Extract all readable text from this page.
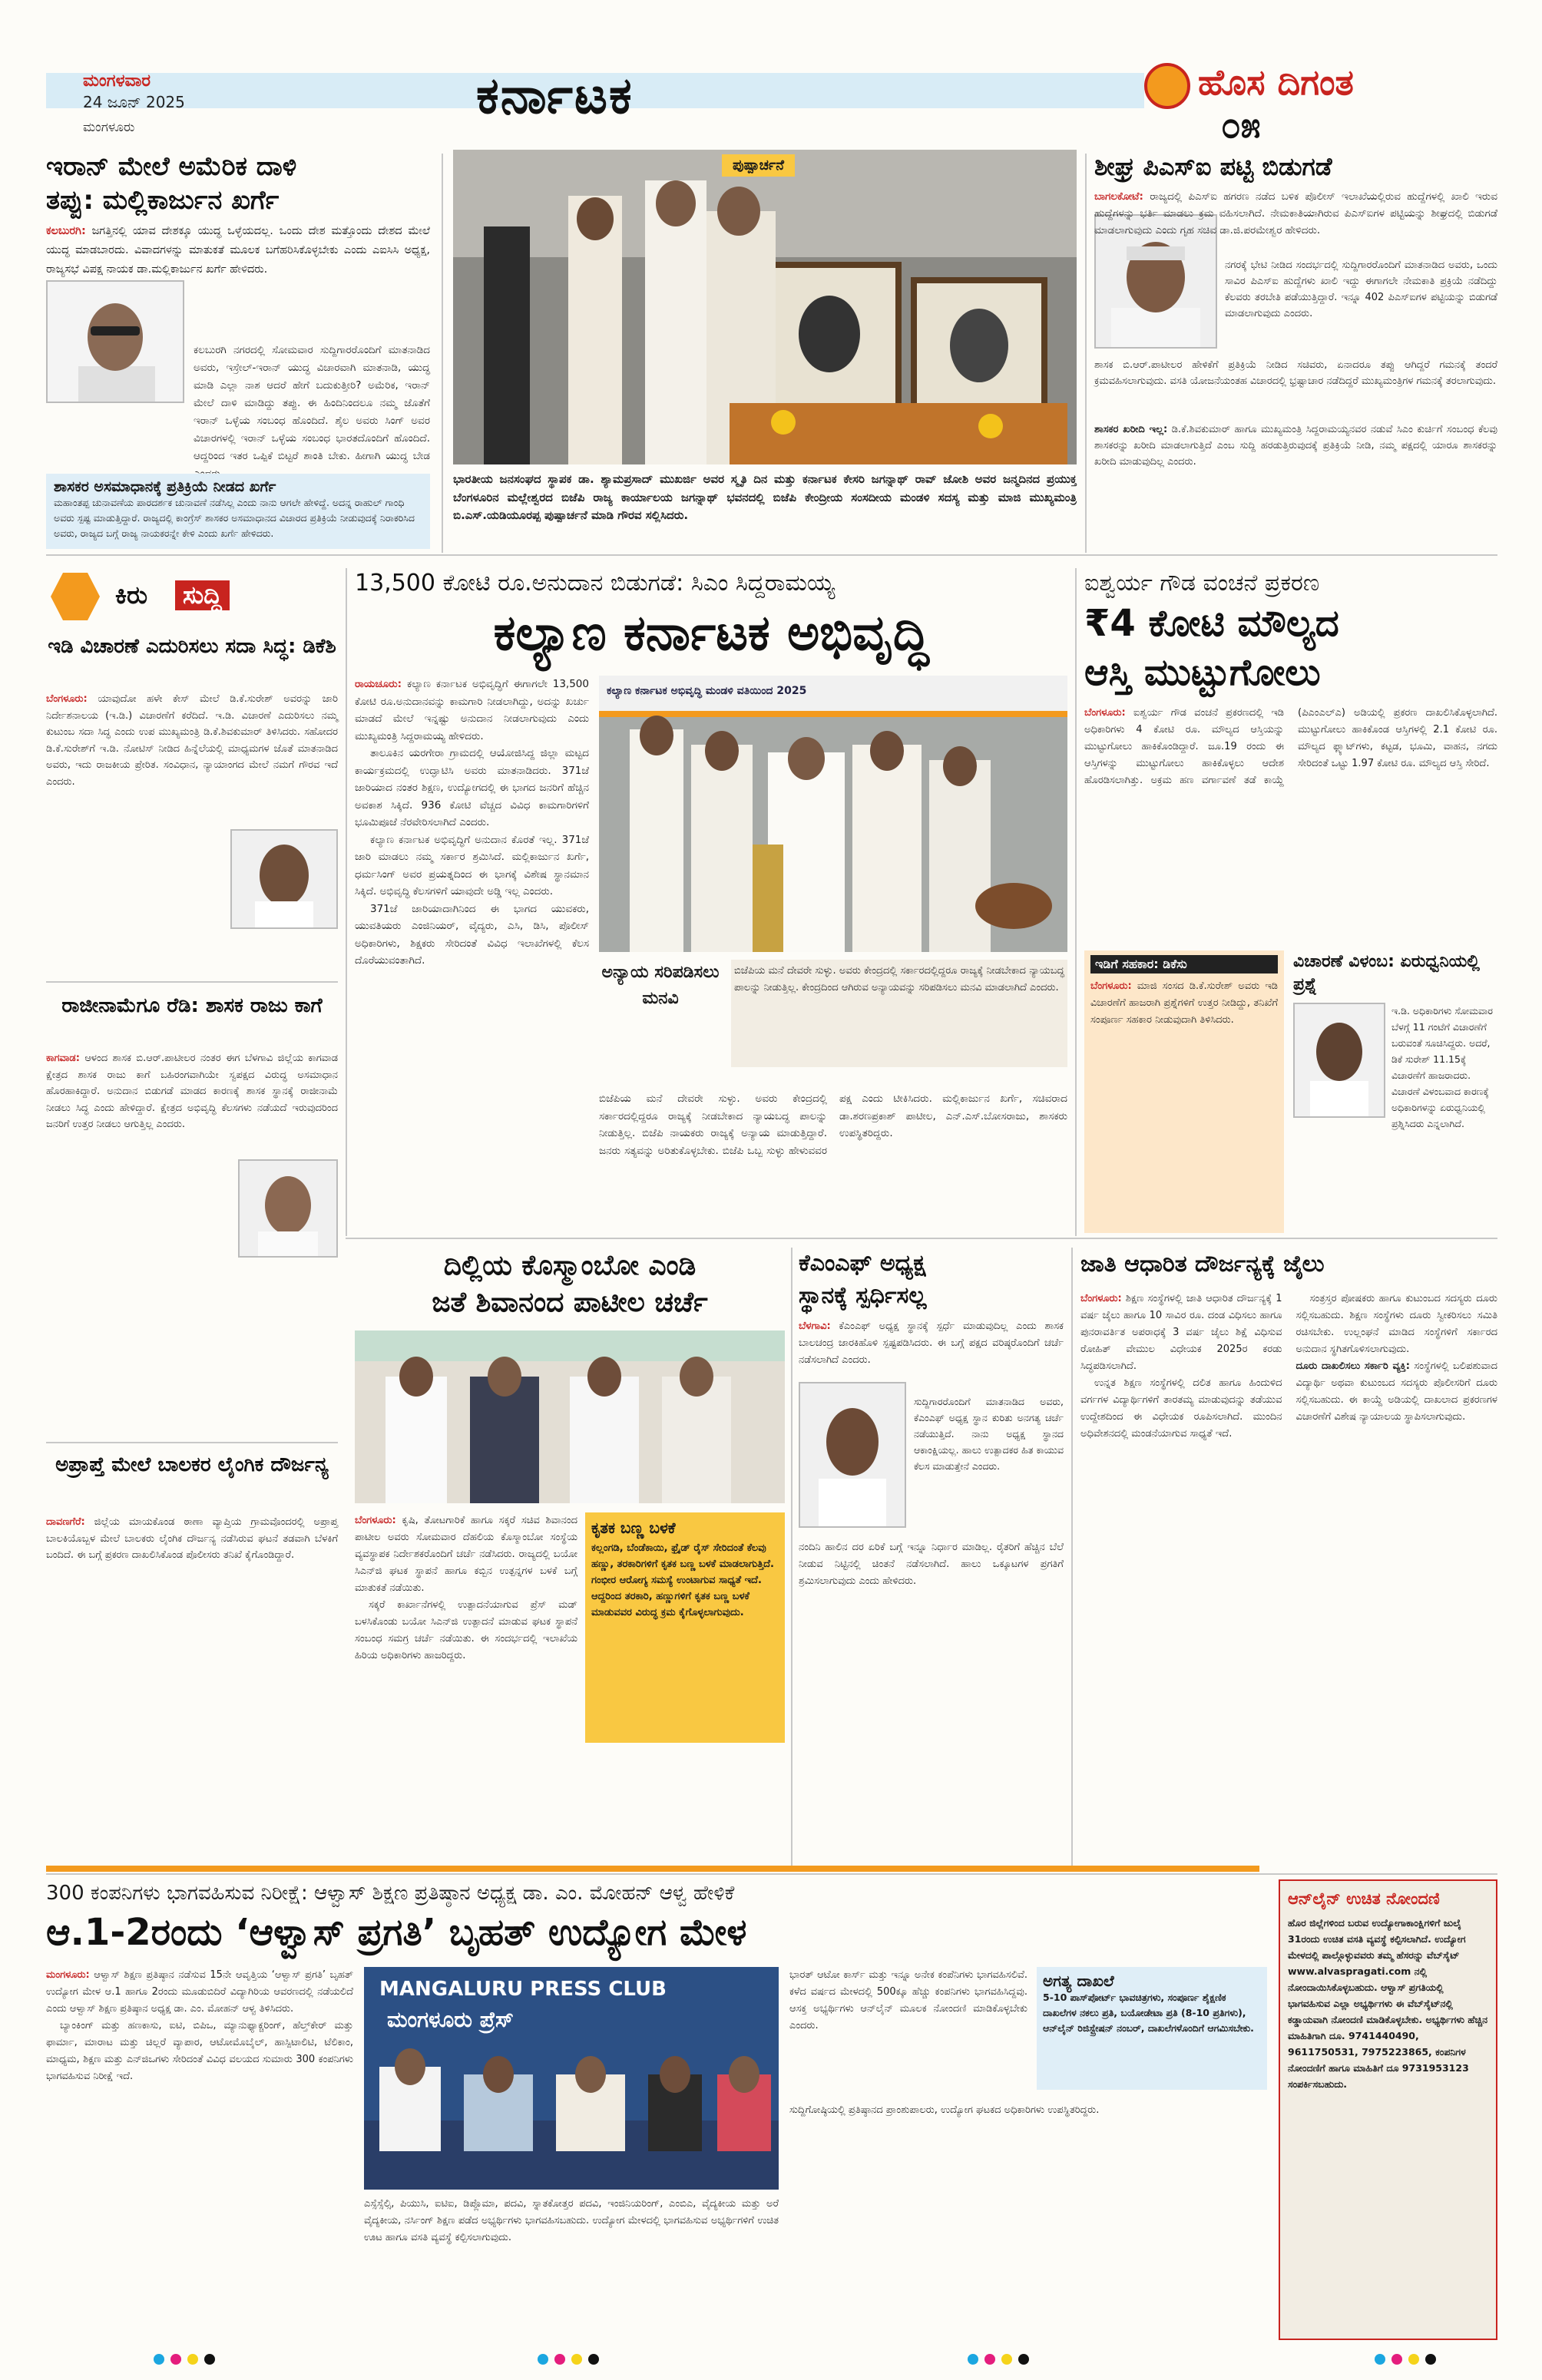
ಮಂಗಳವಾರ
24 ಜೂನ್ 2025
ಮಂಗಳೂರು
ಕರ್ನಾಟಕ	ಹೊಸ ದಿಗಂತ
೦೫
ಇರಾನ್ ಮೇಲೆ ಅಮೆರಿಕ ದಾಳಿ
ತಪ್ಪು: ಮಲ್ಲಿಕಾರ್ಜುನ ಖರ್ಗೆ
ಕಲಬುರಗಿ: ಜಗತ್ತಿನಲ್ಲಿ ಯಾವ ದೇಶಕ್ಕೂ ಯುದ್ಧ ಒಳ್ಳೆಯದಲ್ಲ. ಒಂದು ದೇಶ ಮತ್ತೊಂದು ದೇಶದ ಮೇಲೆ ಯುದ್ಧ ಮಾಡಬಾರದು. ವಿವಾದಗಳನ್ನು ಮಾತುಕತೆ ಮೂಲಕ ಬಗೆಹರಿಸಿಕೊಳ್ಳಬೇಕು ಎಂದು ಎಐಸಿಸಿ ಅಧ್ಯಕ್ಷ, ರಾಜ್ಯಸಭೆ ವಿಪಕ್ಷ ನಾಯಕ ಡಾ.ಮಲ್ಲಿಕಾರ್ಜುನ ಖರ್ಗೆ ಹೇಳಿದರು.
ಕಲಬುರಗಿ ನಗರದಲ್ಲಿ ಸೋಮವಾರ ಸುದ್ದಿಗಾರರೊಂದಿಗೆ ಮಾತನಾಡಿದ ಅವರು, ಇಸ್ರೇಲ್-ಇರಾನ್ ಯುದ್ಧ ವಿಚಾರವಾಗಿ ಮಾತನಾಡಿ, ಯುದ್ಧ ಮಾಡಿ ಎಲ್ಲಾ ನಾಶ ಆದರೆ ಹೇಗೆ ಬದುಕುತ್ತೀರಿ? ಅಮೆರಿಕ, ಇರಾನ್ ಮೇಲೆ ದಾಳಿ ಮಾಡಿದ್ದು ತಪ್ಪು. ಈ ಹಿಂದಿನಿಂದಲೂ ನಮ್ಮ ಜೊತೆಗೆ ಇರಾನ್ ಒಳ್ಳೆಯ ಸಂಬಂಧ ಹೊಂದಿದೆ. ಶೈಲ ಅವರು ಸಿಂಗ್ ಅವರ ವಿಚಾರಗಳಲ್ಲಿ ಇರಾನ್ ಒಳ್ಳೆಯ ಸಂಬಂಧ ಭಾರತದೊಂದಿಗೆ ಹೊಂದಿದೆ. ಆದ್ದರಿಂದ ಇತರ ಒಪ್ಪಿಕೆ ಬಿಟ್ಟರೆ ಶಾಂತಿ ಬೇಕು. ಹೀಗಾಗಿ ಯುದ್ಧ ಬೇಡ
ಶಾಸಕರ ಅಸಮಾಧಾನಕ್ಕೆ ಪ್ರತಿಕ್ರಿಯೆ ನೀಡದ ಖರ್ಗೆ
ಮಹಾಂತಪ್ಪ ಚುನಾವಣೆಯ ಪಾರದರ್ಶಕ ಚುನಾವಣೆ ನಡೆಸಿಲ್ಲ ಎಂದು ನಾನು ಆಗಲೇ ಹೇಳಿದ್ದೆ. ಅದನ್ನ ರಾಹುಲ್ ಗಾಂಧಿ ಅವರು ಸ್ಪಷ್ಟ ಮಾಡುತ್ತಿದ್ದಾರೆ. ರಾಜ್ಯದಲ್ಲಿ ಕಾಂಗ್ರೆಸ್ ಶಾಸಕರ ಅಸಮಾಧಾನದ ವಿಚಾರದ ಪ್ರತಿಕ್ರಿಯೆ ನೀಡುವುದಕ್ಕೆ ನಿರಾಕರಿಸಿದ ಅವರು, ರಾಜ್ಯದ ಬಗ್ಗೆ ರಾಜ್ಯ ನಾಯಕರನ್ನೇ ಕೇಳಿ ಎಂದು ಖರ್ಗೆ ಹೇಳಿದರು.
ಪುಷ್ಪಾರ್ಚನೆ
ಭಾರತೀಯ ಜನಸಂಘದ ಸ್ಥಾಪಕ ಡಾ. ಶ್ಯಾಮಪ್ರಸಾದ್ ಮುಖರ್ಜಿ ಅವರ ಸ್ಮೃತಿ ದಿನ ಮತ್ತು ಕರ್ನಾಟಕ ಕೇಸರಿ ಜಗನ್ನಾಥ್ ರಾವ್ ಜೋಶಿ ಅವರ ಜನ್ಮದಿನದ ಪ್ರಯುಕ್ತ ಬೆಂಗಳೂರಿನ ಮಲ್ಲೇಶ್ವರದ ಬಿಜೆಪಿ ರಾಜ್ಯ ಕಾರ್ಯಾಲಯ ಜಗನ್ನಾಥ್ ಭವನದಲ್ಲಿ ಬಿಜೆಪಿ ಕೇಂದ್ರೀಯ ಸಂಸದೀಯ ಮಂಡಳಿ ಸದಸ್ಯ ಮತ್ತು ಮಾಜಿ ಮುಖ್ಯಮಂತ್ರಿ ಬಿ.ಎಸ್.ಯಡಿಯೂರಪ್ಪ ಪುಷ್ಪಾರ್ಚನೆ ಮಾಡಿ ಗೌರವ ಸಲ್ಲಿಸಿದರು.
ಶೀಘ್ರ ಪಿಎಸ್‌ಐ ಪಟ್ಟಿ ಬಿಡುಗಡೆ
ಬಾಗಲಕೋಟೆ: ರಾಜ್ಯದಲ್ಲಿ ಪಿಎಸ್‌ಐ ಹಗರಣ ನಡೆದ ಬಳಿಕ ಪೊಲೀಸ್ ಇಲಾಖೆಯಲ್ಲಿರುವ ಹುದ್ದೆಗಳಲ್ಲಿ ಖಾಲಿ ಇರುವ ಹುದ್ದೆಗಳನ್ನು ಭರ್ತಿ ಮಾಡಲು ಕ್ರಮ ವಹಿಸಲಾಗಿದೆ. ನೇಮಕಾತಿಯಾಗಿರುವ ಪಿಎಸ್‌ಐಗಳ ಪಟ್ಟಿಯನ್ನು ಶೀಘ್ರದಲ್ಲಿ ಬಿಡುಗಡೆ ಮಾಡಲಾಗುವುದು ಎಂದು ಗೃಹ ಸಚಿವ ಡಾ.ಜಿ.ಪರಮೇಶ್ವರ ಹೇಳಿದರು.
ನಗರಕ್ಕೆ ಭೇಟಿ ನೀಡಿದ ಸಂದರ್ಭದಲ್ಲಿ ಸುದ್ದಿಗಾರರೊಂದಿಗೆ ಮಾತನಾಡಿದ ಅವರು, ಒಂದು ಸಾವಿರ ಪಿಎಸ್‌ಐ ಹುದ್ದೆಗಳು ಖಾಲಿ ಇದ್ದು ಈಗಾಗಲೇ ನೇಮಕಾತಿ ಪ್ರಕ್ರಿಯೆ ನಡೆದಿದ್ದು ಕೆಲವರು ತರಬೇತಿ ಪಡೆಯುತ್ತಿದ್ದಾರೆ. ಇನ್ನೂ 402 ಪಿಎಸ್‌ಐಗಳ ಪಟ್ಟಿಯನ್ನು ಬಿಡುಗಡೆ ಮಾಡಲಾಗುವುದು ಎಂದರು.
ಶಾಸಕ ಬಿ.ಆರ್.ಪಾಟೀಲರ ಹೇಳಿಕೆಗೆ ಪ್ರತಿಕ್ರಿಯೆ ನೀಡಿದ ಸಚಿವರು, ಏನಾದರೂ ತಪ್ಪು ಆಗಿದ್ದರೆ ಗಮನಕ್ಕೆ ತಂದರೆ ಕ್ರಮವಹಿಸಲಾಗುವುದು. ವಸತಿ ಯೋಜನೆಯಂತಹ ವಿಚಾರದಲ್ಲಿ ಭ್ರಷ್ಟಾಚಾರ ನಡೆದಿದ್ದರೆ ಮುಖ್ಯಮಂತ್ರಿಗಳ ಗಮನಕ್ಕೆ ತರಲಾಗುವುದು.
ಶಾಸಕರ ಖರೀದಿ ಇಲ್ಲ: ಡಿ.ಕೆ.ಶಿವಕುಮಾರ್ ಹಾಗೂ ಮುಖ್ಯಮಂತ್ರಿ ಸಿದ್ದರಾಮಯ್ಯನವರ ನಡುವೆ ಸಿಎಂ ಕುರ್ಚಿಗೆ ಸಂಬಂಧ ಕೆಲವು ಶಾಸಕರನ್ನು ಖರೀದಿ ಮಾಡಲಾಗುತ್ತಿದೆ ಎಂಬ ಸುದ್ದಿ ಹರಡುತ್ತಿರುವುದಕ್ಕೆ ಪ್ರತಿಕ್ರಿಯೆ ನೀಡಿ, ನಮ್ಮ ಪಕ್ಷದಲ್ಲಿ ಯಾರೂ ಶಾಸಕರನ್ನು ಖರೀದಿ ಮಾಡುವುದಿಲ್ಲ ಎಂದರು.
ಕಿರು	ಸುದ್ದಿ
ಇಡಿ ವಿಚಾರಣೆ ಎದುರಿಸಲು ಸದಾ ಸಿದ್ಧ: ಡಿಕೆಶಿ
ಬೆಂಗಳೂರು: ಯಾವುದೋ ಹಳೇ ಕೇಸ್ ಮೇಲೆ ಡಿ.ಕೆ.ಸುರೇಶ್ ಅವರನ್ನು ಜಾರಿ ನಿರ್ದೇಶನಾಲಯ (ಇ.ಡಿ.) ವಿಚಾರಣೆಗೆ ಕರೆದಿದೆ. ಇ.ಡಿ. ವಿಚಾರಣೆ ಎದುರಿಸಲು ನಮ್ಮ ಕುಟುಂಬ ಸದಾ ಸಿದ್ಧ ಎಂದು ಉಪ ಮುಖ್ಯಮಂತ್ರಿ ಡಿ.ಕೆ.ಶಿವಕುಮಾರ್ ತಿಳಿಸಿದರು. ಸಹೋದರ ಡಿ.ಕೆ.ಸುರೇಶ್‌ಗೆ ಇ.ಡಿ. ನೋಟಿಸ್ ನೀಡಿದ ಹಿನ್ನೆಲೆಯಲ್ಲಿ ಮಾಧ್ಯಮಗಳ ಜೊತೆ ಮಾತನಾಡಿದ ಅವರು, ಇದು ರಾಜಕೀಯ ಪ್ರೇರಿತ. ಸಂವಿಧಾನ, ನ್ಯಾಯಾಂಗದ ಮೇಲೆ ನಮಗೆ ಗೌರವ ಇದೆ ಎಂದರು.
ರಾಜೀನಾಮೆಗೂ ರೆಡಿ: ಶಾಸಕ ರಾಜು ಕಾಗೆ
ಕಾಗವಾಡ: ಆಳಂದ ಶಾಸಕ ಬಿ.ಆರ್.ಪಾಟೀಲರ ನಂತರ ಈಗ ಬೆಳಗಾವಿ ಜಿಲ್ಲೆಯ ಕಾಗವಾಡ ಕ್ಷೇತ್ರದ ಶಾಸಕ ರಾಜು ಕಾಗೆ ಬಹಿರಂಗವಾಗಿಯೇ ಸ್ವಪಕ್ಷದ ವಿರುದ್ಧ ಅಸಮಾಧಾನ ಹೊರಹಾಕಿದ್ದಾರೆ. ಅನುದಾನ ಬಿಡುಗಡೆ ಮಾಡದ ಕಾರಣಕ್ಕೆ ಶಾಸಕ ಸ್ಥಾನಕ್ಕೆ ರಾಜೀನಾಮೆ ನೀಡಲು ಸಿದ್ಧ ಎಂದು ಹೇಳಿದ್ದಾರೆ. ಕ್ಷೇತ್ರದ ಅಭಿವೃದ್ಧಿ ಕೆಲಸಗಳು ನಡೆಯದೆ ಇರುವುದರಿಂದ ಜನರಿಗೆ ಉತ್ತರ ನೀಡಲು ಆಗುತ್ತಿಲ್ಲ ಎಂದರು.
ಅಪ್ರಾಪ್ತೆ ಮೇಲೆ ಬಾಲಕರ ಲೈಂಗಿಕ ದೌರ್ಜನ್ಯ
ದಾವಣಗೆರೆ: ಜಿಲ್ಲೆಯ ಮಾಯಕೊಂಡ ಠಾಣಾ ವ್ಯಾಪ್ತಿಯ ಗ್ರಾಮವೊಂದರಲ್ಲಿ ಅಪ್ರಾಪ್ತ ಬಾಲಕಿಯೊಬ್ಬಳ ಮೇಲೆ ಬಾಲಕರು ಲೈಂಗಿಕ ದೌರ್ಜನ್ಯ ನಡೆಸಿರುವ ಘಟನೆ ತಡವಾಗಿ ಬೆಳಕಿಗೆ ಬಂದಿದೆ. ಈ ಬಗ್ಗೆ ಪ್ರಕರಣ ದಾಖಲಿಸಿಕೊಂಡ ಪೊಲೀಸರು ತನಿಖೆ ಕೈಗೊಂಡಿದ್ದಾರೆ.
13,500 ಕೋಟಿ ರೂ.ಅನುದಾನ ಬಿಡುಗಡೆ: ಸಿಎಂ ಸಿದ್ದರಾಮಯ್ಯ
ಕಲ್ಯಾಣ ಕರ್ನಾಟಕ ಅಭಿವೃದ್ಧಿ
ರಾಯಚೂರು: ಕಲ್ಯಾಣ ಕರ್ನಾಟಕ ಅಭಿವೃದ್ಧಿಗೆ ಈಗಾಗಲೇ 13,500 ಕೋಟಿ ರೂ.ಅನುದಾನವನ್ನು ಕಾಮಗಾರಿ ನೀಡಲಾಗಿದ್ದು, ಅದನ್ನು ಖರ್ಚು ಮಾಡದೆ ಮೇಲೆ ಇನ್ನಷ್ಟು ಅನುದಾನ ನೀಡಲಾಗುವುದು ಎಂದು ಮುಖ್ಯಮಂತ್ರಿ ಸಿದ್ದರಾಮಯ್ಯ ಹೇಳಿದರು.

ತಾಲೂಕಿನ ಯರಗೇರಾ ಗ್ರಾಮದಲ್ಲಿ ಆಯೋಜಿಸಿದ್ದ ಜಿಲ್ಲಾ ಮಟ್ಟದ ಕಾರ್ಯಕ್ರಮದಲ್ಲಿ ಉದ್ಘಾಟಿಸಿ ಅವರು ಮಾತನಾಡಿದರು. 371ಜೆ ಜಾರಿಯಾದ ನಂತರ ಶಿಕ್ಷಣ, ಉದ್ಯೋಗದಲ್ಲಿ ಈ ಭಾಗದ ಜನರಿಗೆ ಹೆಚ್ಚಿನ ಅವಕಾಶ ಸಿಕ್ಕಿದೆ. 936 ಕೋಟಿ ವೆಚ್ಚದ ವಿವಿಧ ಕಾಮಗಾರಿಗಳಿಗೆ ಭೂಮಿಪೂಜೆ ನೆರವೇರಿಸಲಾಗಿದೆ ಎಂದರು.

ಕಲ್ಯಾಣ ಕರ್ನಾಟಕ ಅಭಿವೃದ್ಧಿಗೆ ಅನುದಾನ ಕೊರತೆ ಇಲ್ಲ. 371ಜೆ ಜಾರಿ ಮಾಡಲು ನಮ್ಮ ಸರ್ಕಾರ ಶ್ರಮಿಸಿದೆ. ಮಲ್ಲಿಕಾರ್ಜುನ ಖರ್ಗೆ, ಧರ್ಮಸಿಂಗ್ ಅವರ ಪ್ರಯತ್ನದಿಂದ ಈ ಭಾಗಕ್ಕೆ ವಿಶೇಷ ಸ್ಥಾನಮಾನ ಸಿಕ್ಕಿದೆ. ಅಭಿವೃದ್ಧಿ ಕೆಲಸಗಳಿಗೆ ಯಾವುದೇ ಅಡ್ಡಿ ಇಲ್ಲ ಎಂದರು.

371ಜೆ ಜಾರಿಯಾದಾಗಿನಿಂದ ಈ ಭಾಗದ ಯುವಕರು, ಯುವತಿಯರು ಎಂಜಿನಿಯರ್, ವೈದ್ಯರು, ಎಸಿ, ಡಿಸಿ, ಪೊಲೀಸ್ ಅಧಿಕಾರಿಗಳು, ಶಿಕ್ಷಕರು ಸೇರಿದಂತೆ ವಿವಿಧ ಇಲಾಖೆಗಳಲ್ಲಿ ಕೆಲಸ ದೊರೆಯುವಂತಾಗಿದೆ.

ಕಲ್ಯಾಣ ಕರ್ನಾಟಕ ಅಭಿವೃದ್ಧಿ ಮಂಡಳಿ ವತಿಯಿಂದ 2025
ಅನ್ಯಾಯ ಸರಿಪಡಿಸಲು ಮನವಿ
ಬಿಜೆಪಿಯ ಮನೆ ದೇವರೇ ಸುಳ್ಳು. ಅವರು ಕೇಂದ್ರದಲ್ಲಿ ಸರ್ಕಾರದಲ್ಲಿದ್ದರೂ ರಾಜ್ಯಕ್ಕೆ ನೀಡಬೇಕಾದ ನ್ಯಾಯಬದ್ಧ ಪಾಲನ್ನು ನೀಡುತ್ತಿಲ್ಲ. ಕೇಂದ್ರದಿಂದ ಆಗಿರುವ ಅನ್ಯಾಯವನ್ನು ಸರಿಪಡಿಸಲು ಮನವಿ ಮಾಡಲಾಗಿದೆ ಎಂದರು.
ಬಿಜೆಪಿಯ ಮನೆ ದೇವರೇ ಸುಳ್ಳು. ಅವರು ಕೇಂದ್ರದಲ್ಲಿ ಸರ್ಕಾರದಲ್ಲಿದ್ದರೂ ರಾಜ್ಯಕ್ಕೆ ನೀಡಬೇಕಾದ ನ್ಯಾಯಬದ್ಧ ಪಾಲನ್ನು ನೀಡುತ್ತಿಲ್ಲ. ಬಿಜೆಪಿ ನಾಯಕರು ರಾಜ್ಯಕ್ಕೆ ಅನ್ಯಾಯ ಮಾಡುತ್ತಿದ್ದಾರೆ. ಜನರು ಸತ್ಯವನ್ನು ಅರಿತುಕೊಳ್ಳಬೇಕು. ಬಿಜೆಪಿ ಒಬ್ಬ ಸುಳ್ಳು ಹೇಳುವವರ ಪಕ್ಷ ಎಂದು ಟೀಕಿಸಿದರು. ಮಲ್ಲಿಕಾರ್ಜುನ ಖರ್ಗೆ, ಸಚಿವರಾದ ಡಾ.ಶರಣಪ್ರಕಾಶ್ ಪಾಟೀಲ, ಎನ್.ಎಸ್.ಬೋಸರಾಜು, ಶಾಸಕರು ಉಪಸ್ಥಿತರಿದ್ದರು.
ಐಶ್ವರ್ಯ ಗೌಡ ವಂಚನೆ ಪ್ರಕರಣ
₹4 ಕೋಟಿ ಮೌಲ್ಯದ
ಆಸ್ತಿ ಮುಟ್ಟುಗೋಲು
ಬೆಂಗಳೂರು: ಐಶ್ವರ್ಯ ಗೌಡ ವಂಚನೆ ಪ್ರಕರಣದಲ್ಲಿ ಇಡಿ ಅಧಿಕಾರಿಗಳು 4 ಕೋಟಿ ರೂ. ಮೌಲ್ಯದ ಆಸ್ತಿಯನ್ನು ಮುಟ್ಟುಗೋಲು ಹಾಕಿಕೊಂಡಿದ್ದಾರೆ. ಜೂ.19 ರಂದು ಈ ಆಸ್ತಿಗಳನ್ನು ಮುಟ್ಟುಗೋಲು ಹಾಕಿಕೊಳ್ಳಲು ಆದೇಶ ಹೊರಡಿಸಲಾಗಿತ್ತು. ಅಕ್ರಮ ಹಣ ವರ್ಗಾವಣೆ ತಡೆ ಕಾಯ್ದೆ (ಪಿಎಂಎಲ್‌ಎ) ಅಡಿಯಲ್ಲಿ ಪ್ರಕರಣ ದಾಖಲಿಸಿಕೊಳ್ಳಲಾಗಿದೆ. ಮುಟ್ಟುಗೋಲು ಹಾಕಿಕೊಂಡ ಆಸ್ತಿಗಳಲ್ಲಿ 2.1 ಕೋಟಿ ರೂ. ಮೌಲ್ಯದ ಫ್ಲ್ಯಾಟ್‌ಗಳು, ಕಟ್ಟಡ, ಭೂಮಿ, ವಾಹನ, ನಗದು ಸೇರಿದಂತೆ ಒಟ್ಟು 1.97 ಕೋಟಿ ರೂ. ಮೌಲ್ಯದ ಆಸ್ತಿ ಸೇರಿದೆ.
ಇಡಿಗೆ ಸಹಕಾರ: ಡಿಕೆಸು
ಬೆಂಗಳೂರು: ಮಾಜಿ ಸಂಸದ ಡಿ.ಕೆ.ಸುರೇಶ್ ಅವರು ಇಡಿ ವಿಚಾರಣೆಗೆ ಹಾಜರಾಗಿ ಪ್ರಶ್ನೆಗಳಿಗೆ ಉತ್ತರ ನೀಡಿದ್ದು, ತನಿಖೆಗೆ ಸಂಪೂರ್ಣ ಸಹಕಾರ ನೀಡುವುದಾಗಿ ತಿಳಿಸಿದರು.
ವಿಚಾರಣೆ ವಿಳಂಬ: ಏರುಧ್ವನಿಯಲ್ಲಿ ಪ್ರಶ್ನೆ
ಇ.ಡಿ. ಅಧಿಕಾರಿಗಳು ಸೋಮವಾರ ಬೆಳಗ್ಗೆ 11 ಗಂಟೆಗೆ ವಿಚಾರಣೆಗೆ ಬರುವಂತೆ ಸೂಚಿಸಿದ್ದರು. ಅದರೆ, ಡಿಕೆ ಸುರೇಶ್ 11.15ಕ್ಕೆ ವಿಚಾರಣೆಗೆ ಹಾಜರಾದರು. ವಿಚಾರಣೆ ವಿಳಂಬವಾದ ಕಾರಣಕ್ಕೆ ಅಧಿಕಾರಿಗಳನ್ನು ಏರುಧ್ವನಿಯಲ್ಲಿ ಪ್ರಶ್ನಿಸಿದರು ಎನ್ನಲಾಗಿದೆ.
ದಿಲ್ಲಿಯ ಕೊಸ್ಮಾಂಬೋ ಎಂಡಿ
ಜತೆ ಶಿವಾನಂದ ಪಾಟೀಲ ಚರ್ಚೆ
ಬೆಂಗಳೂರು: ಕೃಷಿ, ತೋಟಗಾರಿಕೆ ಹಾಗೂ ಸಕ್ಕರೆ ಸಚಿವ ಶಿವಾನಂದ ಪಾಟೀಲ ಅವರು ಸೋಮವಾರ ದೆಹಲಿಯ ಕೊಸ್ಮಾಂಬೋ ಸಂಸ್ಥೆಯ ವ್ಯವಸ್ಥಾಪಕ ನಿರ್ದೇಶಕರೊಂದಿಗೆ ಚರ್ಚೆ ನಡೆಸಿದರು. ರಾಜ್ಯದಲ್ಲಿ ಬಯೋ ಸಿಎನ್‌ಜಿ ಘಟಕ ಸ್ಥಾಪನೆ ಹಾಗೂ ಕಬ್ಬಿನ ಉತ್ಪನ್ನಗಳ ಬಳಕೆ ಬಗ್ಗೆ ಮಾತುಕತೆ ನಡೆಯಿತು.

ಸಕ್ಕರೆ ಕಾರ್ಖಾನೆಗಳಲ್ಲಿ ಉತ್ಪಾದನೆಯಾಗುವ ಪ್ರೆಸ್ ಮಡ್ ಬಳಸಿಕೊಂಡು ಬಯೋ ಸಿಎನ್‌ಜಿ ಉತ್ಪಾದನೆ ಮಾಡುವ ಘಟಕ ಸ್ಥಾಪನೆ ಸಂಬಂಧ ಸಮಗ್ರ ಚರ್ಚೆ ನಡೆಯಿತು. ಈ ಸಂದರ್ಭದಲ್ಲಿ ಇಲಾಖೆಯ ಹಿರಿಯ ಅಧಿಕಾರಿಗಳು ಹಾಜರಿದ್ದರು.

ಕೃತಕ ಬಣ್ಣ ಬಳಕೆ
ಕಲ್ಲಂಗಡಿ, ಬೆಂಡೆಕಾಯಿ, ಫ್ರೈಡ್ ರೈಸ್ ಸೇರಿದಂತೆ ಕೆಲವು ಹಣ್ಣು, ತರಕಾರಿಗಳಿಗೆ ಕೃತಕ ಬಣ್ಣ ಬಳಕೆ ಮಾಡಲಾಗುತ್ತಿದೆ. ಗಂಭೀರ ಆರೋಗ್ಯ ಸಮಸ್ಯೆ ಉಂಟಾಗುವ ಸಾಧ್ಯತೆ ಇದೆ. ಆದ್ದರಿಂದ ತರಕಾರಿ, ಹಣ್ಣುಗಳಿಗೆ ಕೃತಕ ಬಣ್ಣ ಬಳಕೆ ಮಾಡುವವರ ವಿರುದ್ಧ ಕ್ರಮ ಕೈಗೊಳ್ಳಲಾಗುವುದು.
ಕೆಎಂಎಫ್ ಅಧ್ಯಕ್ಷ
ಸ್ಥಾನಕ್ಕೆ ಸ್ಪರ್ಧಿಸಲ್ಲ
ಬೆಳಗಾವಿ: ಕೆಎಂಎಫ್ ಅಧ್ಯಕ್ಷ ಸ್ಥಾನಕ್ಕೆ ಸ್ಪರ್ಧೆ ಮಾಡುವುದಿಲ್ಲ ಎಂದು ಶಾಸಕ ಬಾಲಚಂದ್ರ ಜಾರಕಿಹೊಳಿ ಸ್ಪಷ್ಟಪಡಿಸಿದರು. ಈ ಬಗ್ಗೆ ಪಕ್ಷದ ವರಿಷ್ಠರೊಂದಿಗೆ ಚರ್ಚೆ ನಡೆಸಲಾಗಿದೆ ಎಂದರು.
ಸುದ್ದಿಗಾರರೊಂದಿಗೆ ಮಾತನಾಡಿದ ಅವರು, ಕೆಎಂಎಫ್ ಅಧ್ಯಕ್ಷ ಸ್ಥಾನ ಕುರಿತು ಅನಗತ್ಯ ಚರ್ಚೆ ನಡೆಯುತ್ತಿದೆ. ನಾನು ಅಧ್ಯಕ್ಷ ಸ್ಥಾನದ ಆಕಾಂಕ್ಷಿಯಲ್ಲ. ಹಾಲು ಉತ್ಪಾದಕರ ಹಿತ ಕಾಯುವ ಕೆಲಸ ಮಾಡುತ್ತೇನೆ ಎಂದರು.
ನಂದಿನಿ ಹಾಲಿನ ದರ ಏರಿಕೆ ಬಗ್ಗೆ ಇನ್ನೂ ನಿರ್ಧಾರ ಮಾಡಿಲ್ಲ. ರೈತರಿಗೆ ಹೆಚ್ಚಿನ ಬೆಲೆ ನೀಡುವ ನಿಟ್ಟಿನಲ್ಲಿ ಚಿಂತನೆ ನಡೆಸಲಾಗಿದೆ. ಹಾಲು ಒಕ್ಕೂಟಗಳ ಪ್ರಗತಿಗೆ ಶ್ರಮಿಸಲಾಗುವುದು ಎಂದು ಹೇಳಿದರು.
ಜಾತಿ ಆಧಾರಿತ ದೌರ್ಜನ್ಯಕ್ಕೆ ಜೈಲು
ಬೆಂಗಳೂರು: ಶಿಕ್ಷಣ ಸಂಸ್ಥೆಗಳಲ್ಲಿ ಜಾತಿ ಆಧಾರಿತ ದೌರ್ಜನ್ಯಕ್ಕೆ 1 ವರ್ಷ ಜೈಲು ಹಾಗೂ 10 ಸಾವಿರ ರೂ. ದಂಡ ವಿಧಿಸಲು ಹಾಗೂ ಪುನರಾವರ್ತಿತ ಅಪರಾಧಕ್ಕೆ 3 ವರ್ಷ ಜೈಲು ಶಿಕ್ಷೆ ವಿಧಿಸುವ ರೋಹಿತ್ ವೇಮುಲ ವಿಧೇಯಕ 2025ರ ಕರಡು ಸಿದ್ಧಪಡಿಸಲಾಗಿದೆ.

ಉನ್ನತ ಶಿಕ್ಷಣ ಸಂಸ್ಥೆಗಳಲ್ಲಿ ದಲಿತ ಹಾಗೂ ಹಿಂದುಳಿದ ವರ್ಗಗಳ ವಿದ್ಯಾರ್ಥಿಗಳಿಗೆ ತಾರತಮ್ಯ ಮಾಡುವುದನ್ನು ತಡೆಯುವ ಉದ್ದೇಶದಿಂದ ಈ ವಿಧೇಯಕ ರೂಪಿಸಲಾಗಿದೆ. ಮುಂದಿನ ಅಧಿವೇಶನದಲ್ಲಿ ಮಂಡನೆಯಾಗುವ ಸಾಧ್ಯತೆ ಇದೆ.

ಸಂತ್ರಸ್ತರ ಪೋಷಕರು ಹಾಗೂ ಕುಟುಂಬದ ಸದಸ್ಯರು ದೂರು ಸಲ್ಲಿಸಬಹುದು. ಶಿಕ್ಷಣ ಸಂಸ್ಥೆಗಳು ದೂರು ಸ್ವೀಕರಿಸಲು ಸಮಿತಿ ರಚಿಸಬೇಕು. ಉಲ್ಲಂಘನೆ ಮಾಡಿದ ಸಂಸ್ಥೆಗಳಿಗೆ ಸರ್ಕಾರದ ಅನುದಾನ ಸ್ಥಗಿತಗೊಳಿಸಲಾಗುವುದು.

ದೂರು ದಾಖಲಿಸಲು ಸರ್ಕಾರಿ ವ್ಯಕ್ತಿ: ಸಂಸ್ಥೆಗಳಲ್ಲಿ ಬಲಿಪಶುವಾದ ವಿದ್ಯಾರ್ಥಿ ಅಥವಾ ಕುಟುಂಬದ ಸದಸ್ಯರು ಪೊಲೀಸರಿಗೆ ದೂರು ಸಲ್ಲಿಸಬಹುದು. ಈ ಕಾಯ್ದೆ ಅಡಿಯಲ್ಲಿ ದಾಖಲಾದ ಪ್ರಕರಣಗಳ ವಿಚಾರಣೆಗೆ ವಿಶೇಷ ನ್ಯಾಯಾಲಯ ಸ್ಥಾಪಿಸಲಾಗುವುದು.

300 ಕಂಪನಿಗಳು ಭಾಗವಹಿಸುವ ನಿರೀಕ್ಷೆ: ಆಳ್ವಾಸ್ ಶಿಕ್ಷಣ ಪ್ರತಿಷ್ಠಾನ ಅಧ್ಯಕ್ಷ ಡಾ. ಎಂ. ಮೋಹನ್ ಆಳ್ವ ಹೇಳಿಕೆ
ಆ.1-2ರಂದು ‘ಆಳ್ವಾಸ್ ಪ್ರಗತಿ’ ಬೃಹತ್ ಉದ್ಯೋಗ ಮೇಳ
ಮಂಗಳೂರು: ಆಳ್ವಾಸ್ ಶಿಕ್ಷಣ ಪ್ರತಿಷ್ಠಾನ ನಡೆಸುವ 15ನೇ ಆವೃತ್ತಿಯ ‘ಆಳ್ವಾಸ್ ಪ್ರಗತಿ’ ಬೃಹತ್ ಉದ್ಯೋಗ ಮೇಳ ಆ.1 ಹಾಗೂ 2ರಂದು ಮೂಡುಬಿದಿರೆ ವಿದ್ಯಾಗಿರಿಯ ಆವರಣದಲ್ಲಿ ನಡೆಯಲಿದೆ ಎಂದು ಆಳ್ವಾಸ್ ಶಿಕ್ಷಣ ಪ್ರತಿಷ್ಠಾನ ಅಧ್ಯಕ್ಷ ಡಾ. ಎಂ. ಮೋಹನ್ ಆಳ್ವ ತಿಳಿಸಿದರು.

ಬ್ಯಾಂಕಿಂಗ್ ಮತ್ತು ಹಣಕಾಸು, ಐಟಿ, ಬಿಪಿಒ, ಮ್ಯಾನುಫ್ಯಾಕ್ಚರಿಂಗ್, ಹೆಲ್ತ್‌ಕೇರ್ ಮತ್ತು ಫಾರ್ಮಾ, ಮಾರಾಟ ಮತ್ತು ಚಿಲ್ಲರೆ ವ್ಯಾಪಾರ, ಆಟೋಮೊಬೈಲ್, ಹಾಸ್ಪಿಟಾಲಿಟಿ, ಟೆಲಿಕಾಂ, ಮಾಧ್ಯಮ, ಶಿಕ್ಷಣ ಮತ್ತು ಎನ್‌ಜಿಒಗಳು ಸೇರಿದಂತೆ ವಿವಿಧ ವಲಯದ ಸುಮಾರು 300 ಕಂಪನಿಗಳು ಭಾಗವಹಿಸುವ ನಿರೀಕ್ಷೆ ಇದೆ.

MANGALURU PRESS CLUB
ಮಂಗಳೂರು ಪ್ರೆಸ್
ಎಸ್ಸೆಸ್ಸೆಲ್ಸಿ, ಪಿಯುಸಿ, ಐಟಿಐ, ಡಿಪ್ಲೊಮಾ, ಪದವಿ, ಸ್ನಾತಕೋತ್ತರ ಪದವಿ, ಇಂಜಿನಿಯರಿಂಗ್, ಎಂಬಿಎ, ವೈದ್ಯಕೀಯ ಮತ್ತು ಅರೆ ವೈದ್ಯಕೀಯ, ನರ್ಸಿಂಗ್ ಶಿಕ್ಷಣ ಪಡೆದ ಅಭ್ಯರ್ಥಿಗಳು ಭಾಗವಹಿಸಬಹುದು. ಉದ್ಯೋಗ ಮೇಳದಲ್ಲಿ ಭಾಗವಹಿಸುವ ಅಭ್ಯರ್ಥಿಗಳಿಗೆ ಉಚಿತ ಊಟ ಹಾಗೂ ವಸತಿ ವ್ಯವಸ್ಥೆ ಕಲ್ಪಿಸಲಾಗುವುದು.
ಭಾರತ್ ಆಟೋ ಕಾರ್ಸ್ ಮತ್ತು ಇನ್ನೂ ಅನೇಕ ಕಂಪೆನಿಗಳು ಭಾಗವಹಿಸಲಿವೆ. ಕಳೆದ ವರ್ಷದ ಮೇಳದಲ್ಲಿ 500ಕ್ಕೂ ಹೆಚ್ಚು ಕಂಪನಿಗಳು ಭಾಗವಹಿಸಿದ್ದವು. ಆಸಕ್ತ ಅಭ್ಯರ್ಥಿಗಳು ಆನ್‌ಲೈನ್ ಮೂಲಕ ನೋಂದಣಿ ಮಾಡಿಕೊಳ್ಳಬೇಕು ಎಂದರು.
ಅಗತ್ಯ ದಾಖಲೆ
5-10 ಪಾಸ್‌ಪೋರ್ಟ್ ಭಾವಚಿತ್ರಗಳು, ಸಂಪೂರ್ಣ ಶೈಕ್ಷಣಿಕ ದಾಖಲೆಗಳ ನಕಲು ಪ್ರತಿ, ಬಯೋಡೇಟಾ ಪ್ರತಿ (8-10 ಪ್ರತಿಗಳು), ಆನ್‌ಲೈನ್ ರಿಜಿಸ್ಟ್ರೇಷನ್ ನಂಬರ್, ದಾಖಲೆಗಳೊಂದಿಗೆ ಆಗಮಿಸಬೇಕು.
ಸುದ್ದಿಗೋಷ್ಠಿಯಲ್ಲಿ ಪ್ರತಿಷ್ಠಾನದ ಪ್ರಾಂಶುಪಾಲರು, ಉದ್ಯೋಗ ಘಟಕದ ಅಧಿಕಾರಿಗಳು ಉಪಸ್ಥಿತರಿದ್ದರು.
ಆನ್‌ಲೈನ್ ಉಚಿತ ನೋಂದಣಿ
ಹೊರ ಜಿಲ್ಲೆಗಳಿಂದ ಬರುವ ಉದ್ಯೋಗಾಕಾಂಕ್ಷಿಗಳಿಗೆ ಜುಲೈ 31ರಂದು ಉಚಿತ ವಸತಿ ವ್ಯವಸ್ಥೆ ಕಲ್ಪಿಸಲಾಗಿದೆ. ಉದ್ಯೋಗ ಮೇಳದಲ್ಲಿ ಪಾಲ್ಗೊಳ್ಳುವವರು ತಮ್ಮ ಹೆಸರನ್ನು ವೆಬ್‌ಸೈಟ್ www.alvaspragati.com ನಲ್ಲಿ ನೋಂದಾಯಿಸಿಕೊಳ್ಳಬಹುದು. ಆಳ್ವಾಸ್ ಪ್ರಗತಿಯಲ್ಲಿ ಭಾಗವಹಿಸುವ ಎಲ್ಲಾ ಅಭ್ಯರ್ಥಿಗಳು ಈ ವೆಬ್‌ಸೈಟ್‌ನಲ್ಲಿ ಕಡ್ಡಾಯವಾಗಿ ನೋಂದಣಿ ಮಾಡಿಕೊಳ್ಳಬೇಕು. ಅಭ್ಯರ್ಥಿಗಳು ಹೆಚ್ಚಿನ ಮಾಹಿತಿಗಾಗಿ ದೂ. 9741440490, 9611750531, 7975223865, ಕಂಪನಿಗಳ ನೋಂದಣಿಗೆ ಹಾಗೂ ಮಾಹಿತಿಗೆ ದೂ 9731953123 ಸಂಪರ್ಕಿಸಬಹುದು.
